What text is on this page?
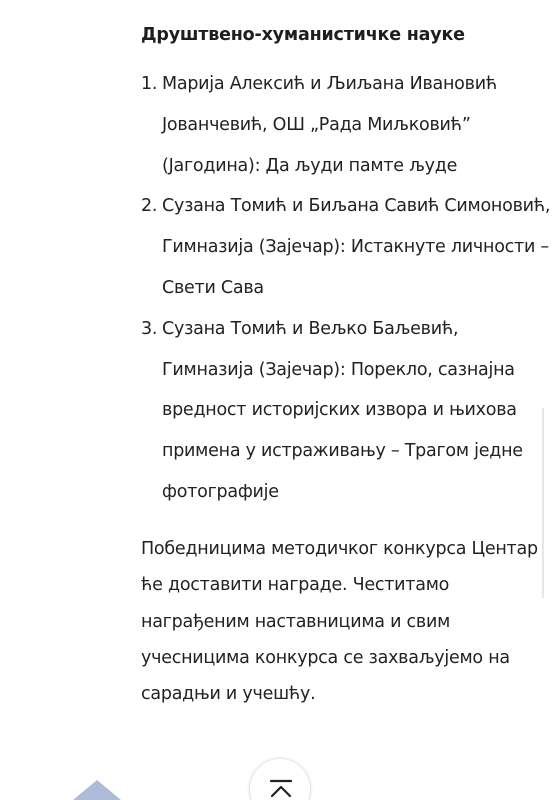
Друштвено-хуманистичке науке
Марија Алексић и Љиљана Ивановић
Јованчевић, ОШ „Рада Миљковић”
(Јагодина): Да људи памте људе
Сузана Томић и Биљана Савић Симоновић,
Гимназија (Зајечар): Истакнуте личности –
Свети Сава
Сузана Томић и Вељко Баљевић,
Гимназија (Зајечар): Порекло, сазнајна
вредност историјских извора и њихова
примена у истраживању – Трагом једне
фотографије
Победницима методичког конкурса Центар
ће доставити награде. Честитамо
награђеним наставницима и свим
учесницима конкурса се захваљујемо на
сарадњи и учешћу.
